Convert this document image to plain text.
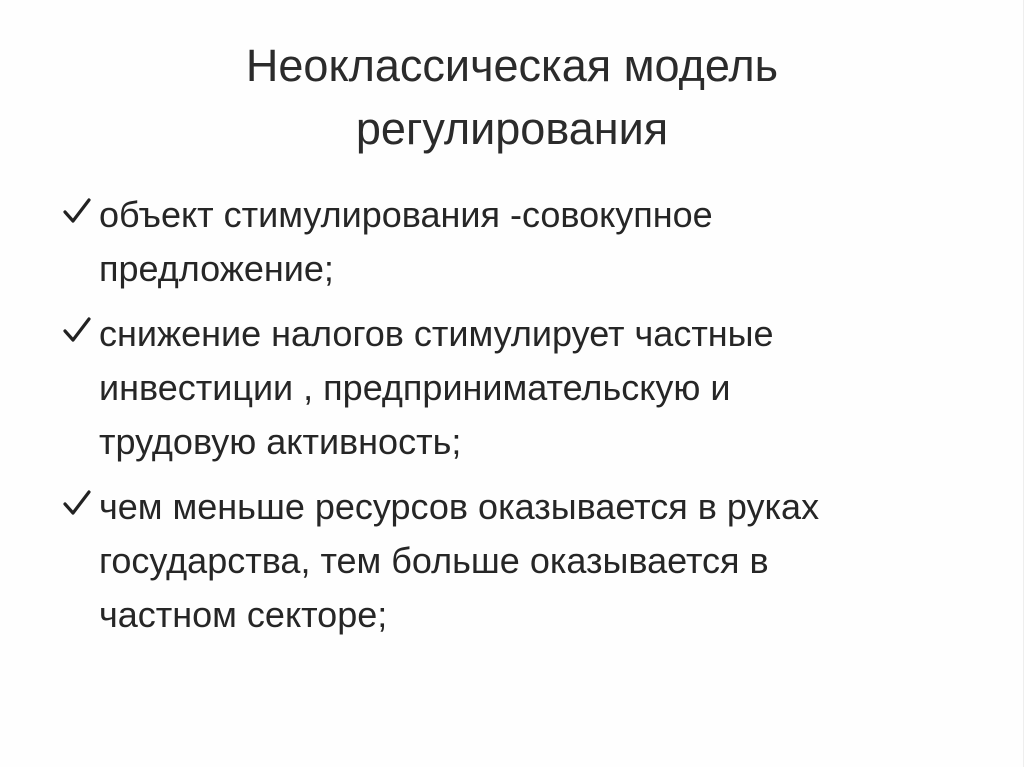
Неоклассическая модель
регулирования
объект стимулирования -совокупное
предложение;
снижение налогов стимулирует частные
инвестиции , предпринимательскую и
трудовую активность;
чем меньше ресурсов оказывается в руках
государства, тем больше оказывается в
частном секторе;
